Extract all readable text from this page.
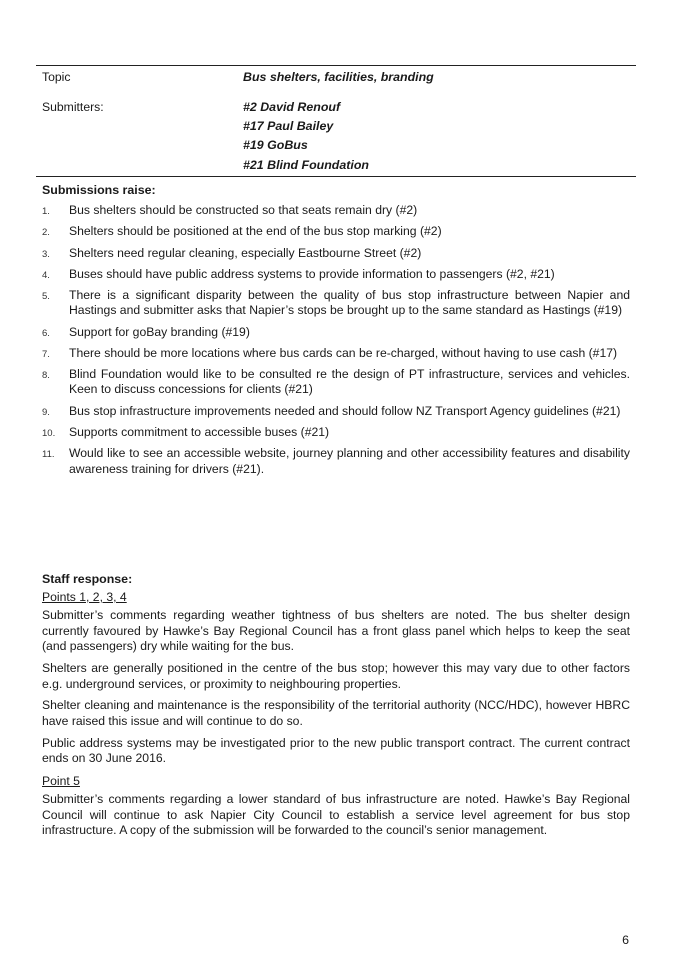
Topic	Bus shelters, facilities, branding
Submitters:	#2 David Renouf
#17 Paul Bailey
#19 GoBus
#21 Blind Foundation
Submissions raise:
1. Bus shelters should be constructed so that seats remain dry (#2)
2. Shelters should be positioned at the end of the bus stop marking (#2)
3. Shelters need regular cleaning, especially Eastbourne Street (#2)
4. Buses should have public address systems to provide information to passengers (#2, #21)
5. There is a significant disparity between the quality of bus stop infrastructure between Napier and Hastings and submitter asks that Napier’s stops be brought up to the same standard as Hastings (#19)
6. Support for goBay branding (#19)
7. There should be more locations where bus cards can be re-charged, without having to use cash (#17)
8. Blind Foundation would like to be consulted re the design of PT infrastructure, services and vehicles. Keen to discuss concessions for clients (#21)
9. Bus stop infrastructure improvements needed and should follow NZ Transport Agency guidelines (#21)
10. Supports commitment to accessible buses (#21)
11. Would like to see an accessible website, journey planning and other accessibility features and disability awareness training for drivers (#21).
Staff response:
Points 1, 2, 3, 4

Submitter’s comments regarding weather tightness of bus shelters are noted. The bus shelter design currently favoured by Hawke’s Bay Regional Council has a front glass panel which helps to keep the seat (and passengers) dry while waiting for the bus.

Shelters are generally positioned in the centre of the bus stop; however this may vary due to other factors e.g. underground services, or proximity to neighbouring properties.

Shelter cleaning and maintenance is the responsibility of the territorial authority (NCC/HDC), however HBRC have raised this issue and will continue to do so.

Public address systems may be investigated prior to the new public transport contract. The current contract ends on 30 June 2016.

Point 5

Submitter’s comments regarding a lower standard of bus infrastructure are noted. Hawke’s Bay Regional Council will continue to ask Napier City Council to establish a service level agreement for bus stop infrastructure. A copy of the submission will be forwarded to the council’s senior management.

6
